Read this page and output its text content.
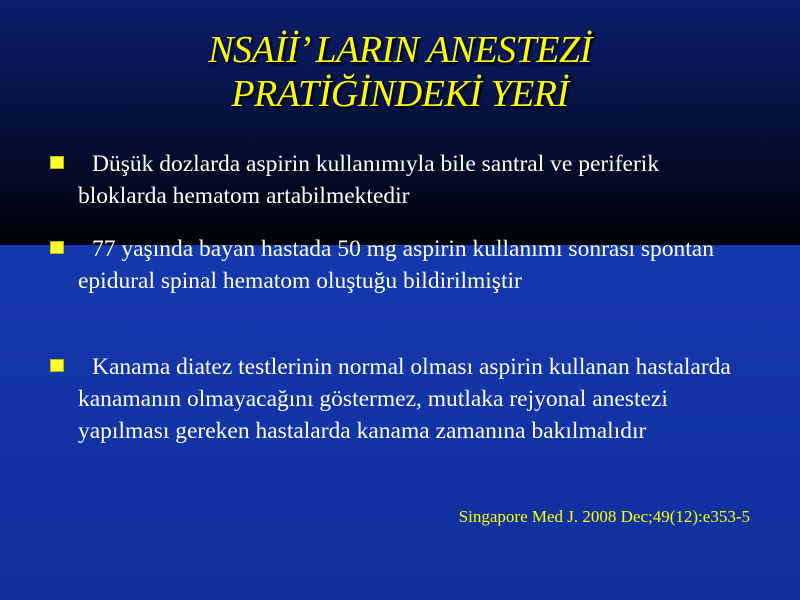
NSAİİ’ LARIN ANESTEZİ
PRATİĞİNDEKİ YERİ
Düşük dozlarda aspirin kullanımıyla bile santral ve periferik bloklarda hematom artabilmektedir
77 yaşında bayan hastada 50 mg aspirin kullanımı sonrası spontan epidural spinal hematom oluştuğu bildirilmiştir
Kanama diatez testlerinin normal olması aspirin kullanan hastalarda kanamanın olmayacağını göstermez, mutlaka rejyonal anestezi yapılması gereken hastalarda kanama zamanına bakılmalıdır
Singapore Med J. 2008 Dec;49(12):e353-5
